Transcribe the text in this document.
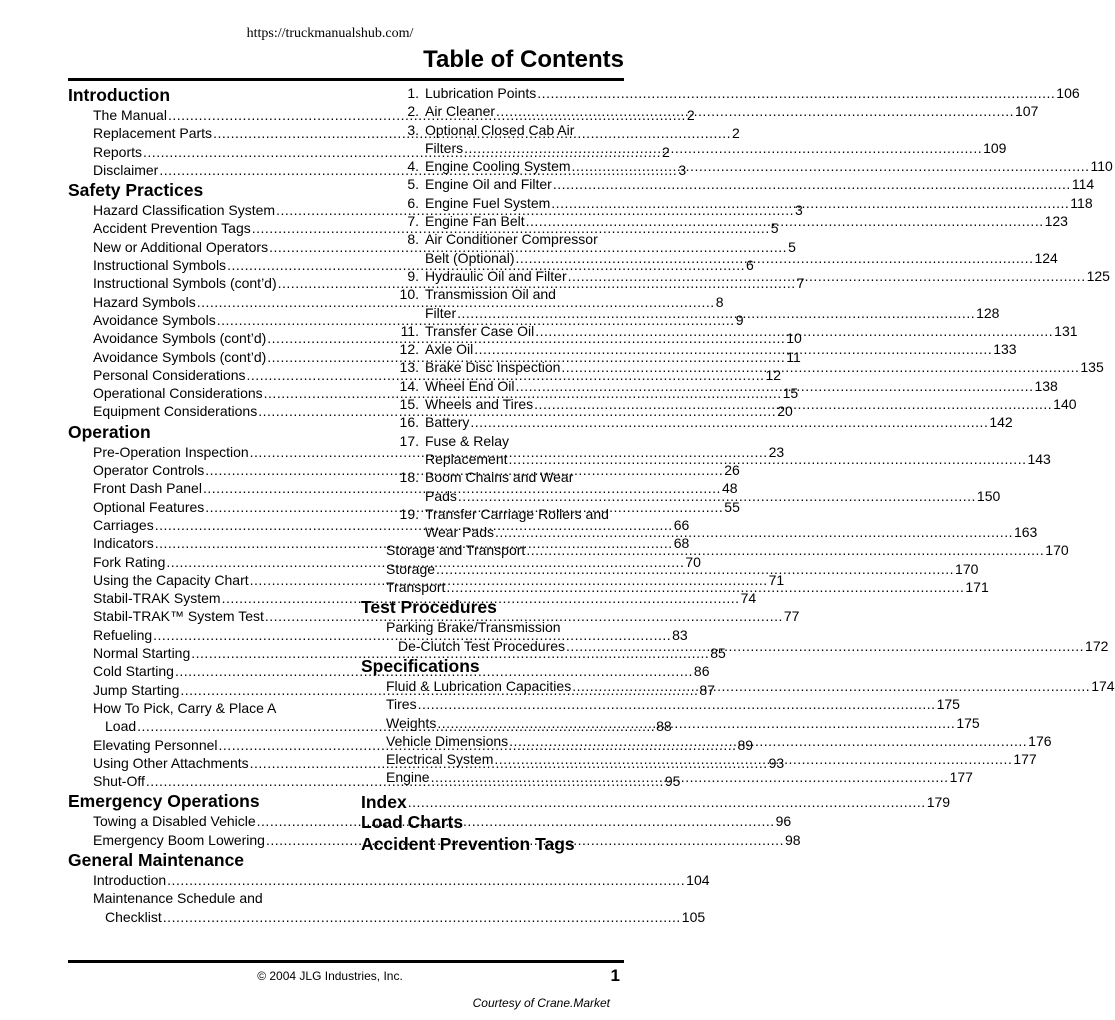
https://truckmanualshub.com/
Table of Contents
Introduction
The Manual .....	2
Replacement Parts .....	2
Reports .....	2
Disclaimer .....	3
Safety Practices
Hazard Classification System .....	3
Accident Prevention Tags .....	5
New or Additional Operators .....	5
Instructional Symbols .....	6
Instructional Symbols (cont’d) .....	7
Hazard Symbols .....	8
Avoidance Symbols .....	9
Avoidance Symbols (cont’d) .....	10
Avoidance Symbols (cont’d) .....	11
Personal Considerations .....	12
Operational Considerations .....	15
Equipment Considerations .....	20
Operation
Pre-Operation Inspection .....	23
Operator Controls .....	26
Front Dash Panel .....	48
Optional Features .....	55
Carriages .....	66
Indicators .....	68
Fork Rating .....	70
Using the Capacity Chart .....	71
Stabil-TRAK System .....	74
Stabil-TRAK™ System Test .....	77
Refueling .....	83
Normal Starting .....	85
Cold Starting .....	86
Jump Starting .....	87
How To Pick, Carry & Place A
Load .....	88
Elevating Personnel .....	89
Using Other Attachments .....	93
Shut-Off .....	95
Emergency Operations
Towing a Disabled Vehicle .....	96
Emergency Boom Lowering .....	98
General Maintenance
Introduction .....	104
Maintenance Schedule and
Checklist .....	105
1. Lubrication Points .....	106
2. Air Cleaner .....	107
3. Optional Closed Cab Air
Filters .....	109
4. Engine Cooling System .....	110
5. Engine Oil and Filter .....	114
6. Engine Fuel System .....	118
7. Engine Fan Belt .....	123
8. Air Conditioner Compressor
Belt (Optional) .....	124
9. Hydraulic Oil and Filter .....	125
10. Transmission Oil and
Filter .....	128
11. Transfer Case Oil .....	131
12. Axle Oil .....	133
13. Brake Disc Inspection .....	135
14. Wheel End Oil .....	138
15. Wheels and Tires .....	140
16. Battery .....	142
17. Fuse & Relay
Replacement .....	143
18. Boom Chains and Wear
Pads .....	150
19. Transfer Carriage Rollers and
Wear Pads .....	163
Storage and Transport .....	170
Storage .....	170
Transport .....	171
Test Procedures
Parking Brake/Transmission
De-Clutch Test Procedures .....	172
Specifications
Fluid & Lubrication Capacities .....	174
Tires .....	175
Weights .....	175
Vehicle Dimensions .....	176
Electrical System .....	177
Engine .....	177
Index .....	179
Load Charts
Accident Prevention Tags
© 2004 JLG Industries, Inc.	1
Courtesy of Crane.Market
